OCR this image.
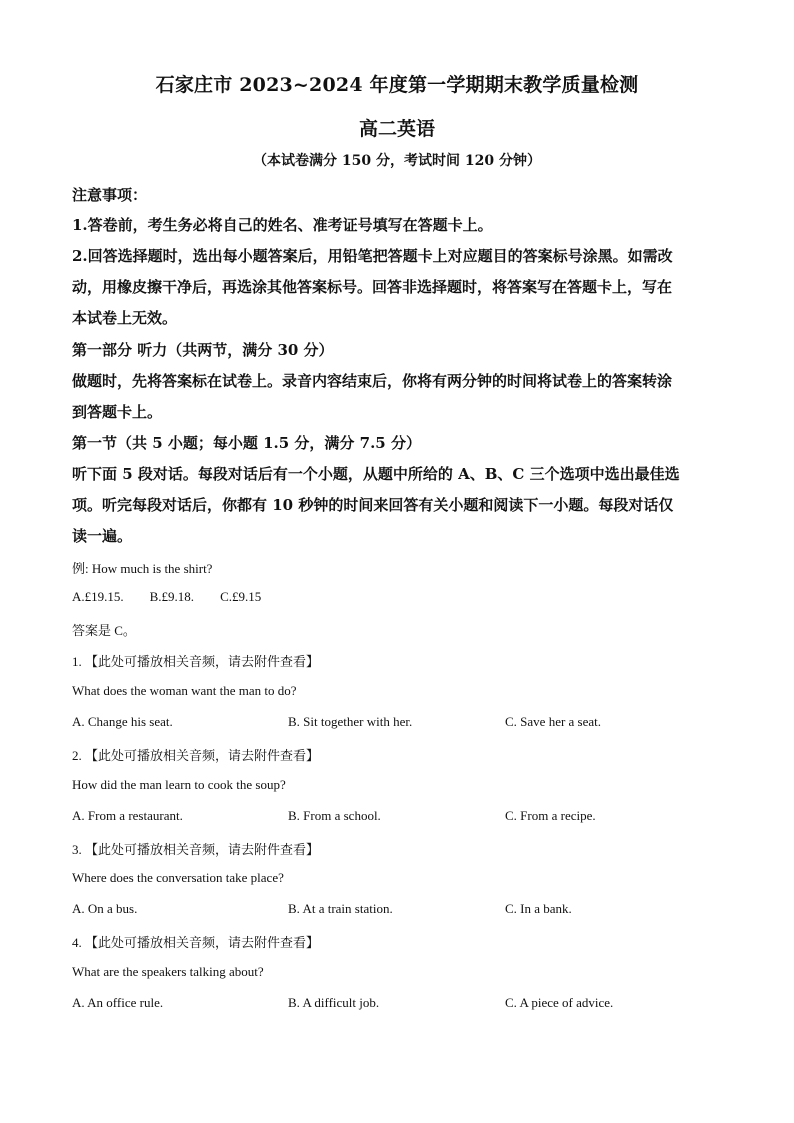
石家庄市 2023~2024 年度第一学期期末教学质量检测
高二英语
（本试卷满分 150 分，考试时间 120 分钟）
注意事项：
1.答卷前，考生务必将自己的姓名、准考证号填写在答题卡上。
2.回答选择题时，选出每小题答案后，用铅笔把答题卡上对应题目的答案标号涂黑。如需改
动，用橡皮擦干净后，再选涂其他答案标号。回答非选择题时，将答案写在答题卡上，写在
本试卷上无效。
第一部分 听力（共两节，满分 30 分）
做题时，先将答案标在试卷上。录音内容结束后，你将有两分钟的时间将试卷上的答案转涂
到答题卡上。
第一节（共 5 小题；每小题 1.5 分，满分 7.5 分）
听下面 5 段对话。每段对话后有一个小题，从题中所给的 A、B、C 三个选项中选出最佳选
项。听完每段对话后，你都有 10 秒钟的时间来回答有关小题和阅读下一小题。每段对话仅
读一遍。
例: How much is the shirt?
A.£19.15. B.£9.18. C.£9.15
答案是 C。
1. 【此处可播放相关音频，请去附件查看】
What does the woman want the man to do?
A. Change his seat.	B. Sit together with her.	C. Save her a seat.
2. 【此处可播放相关音频，请去附件查看】
How did the man learn to cook the soup?
A. From a restaurant.	B. From a school.	C. From a recipe.
3. 【此处可播放相关音频，请去附件查看】
Where does the conversation take place?
A. On a bus.	B. At a train station.	C. In a bank.
4. 【此处可播放相关音频，请去附件查看】
What are the speakers talking about?
A. An office rule.	B. A difficult job.	C. A piece of advice.
